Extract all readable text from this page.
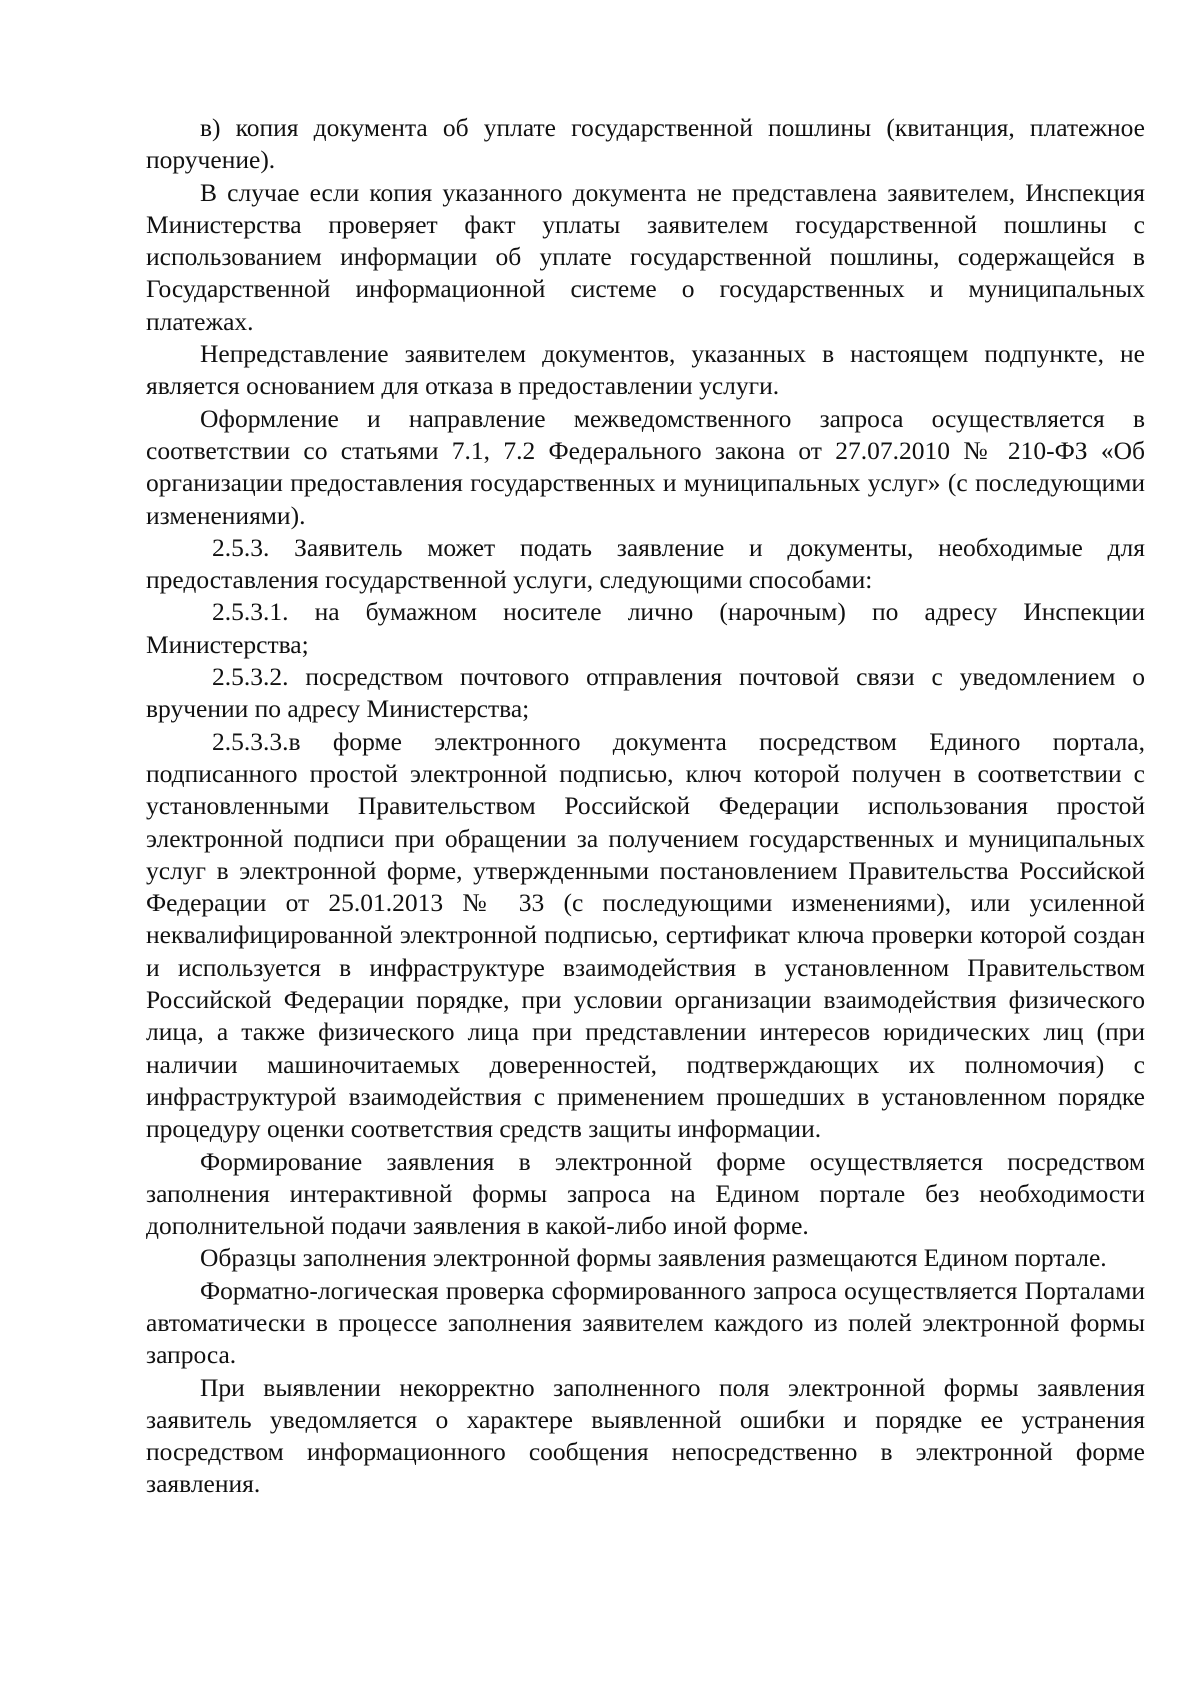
в) копия документа об уплате государственной пошлины (квитанция, платежное поручение).

В случае если копия указанного документа не представлена заявителем, Инспекция Министерства проверяет факт уплаты заявителем государственной пошлины с использованием информации об уплате государственной пошлины, содержащейся в Государственной информационной системе о государственных и муниципальных платежах.

Непредставление заявителем документов, указанных в настоящем подпункте, не является основанием для отказа в предоставлении услуги.

Оформление и направление межведомственного запроса осуществляется в соответствии со статьями 7.1, 7.2 Федерального закона от 27.07.2010 № 210-ФЗ «Об организации предоставления государственных и муниципальных услуг» (с последующими изменениями).

2.5.3. Заявитель может подать заявление и документы, необходимые для предоставления государственной услуги, следующими способами:

2.5.3.1. на бумажном носителе лично (нарочным) по адресу Инспекции Министерства;

2.5.3.2. посредством почтового отправления почтовой связи с уведомлением о вручении по адресу Министерства;

2.5.3.3.в форме электронного документа посредством Единого портала, подписанного простой электронной подписью, ключ которой получен в соответствии с установленными Правительством Российской Федерации использования простой электронной подписи при обращении за получением государственных и муниципальных услуг в электронной форме, утвержденными постановлением Правительства Российской Федерации от 25.01.2013 № 33 (с последующими изменениями), или усиленной неквалифицированной электронной подписью, сертификат ключа проверки которой создан и используется в инфраструктуре взаимодействия в установленном Правительством Российской Федерации порядке, при условии организации взаимодействия физического лица, а также физического лица при представлении интересов юридических лиц (при наличии машиночитаемых доверенностей, подтверждающих их полномочия) с инфраструктурой взаимодействия с применением прошедших в установленном порядке процедуру оценки соответствия средств защиты информации.

Формирование заявления в электронной форме осуществляется посредством заполнения интерактивной формы запроса на Едином портале без необходимости дополнительной подачи заявления в какой-либо иной форме.

Образцы заполнения электронной формы заявления размещаются Едином портале.

Форматно-логическая проверка сформированного запроса осуществляется Порталами автоматически в процессе заполнения заявителем каждого из полей электронной формы запроса.

При выявлении некорректно заполненного поля электронной формы заявления заявитель уведомляется о характере выявленной ошибки и порядке ее устранения посредством информационного сообщения непосредственно в электронной форме заявления.
